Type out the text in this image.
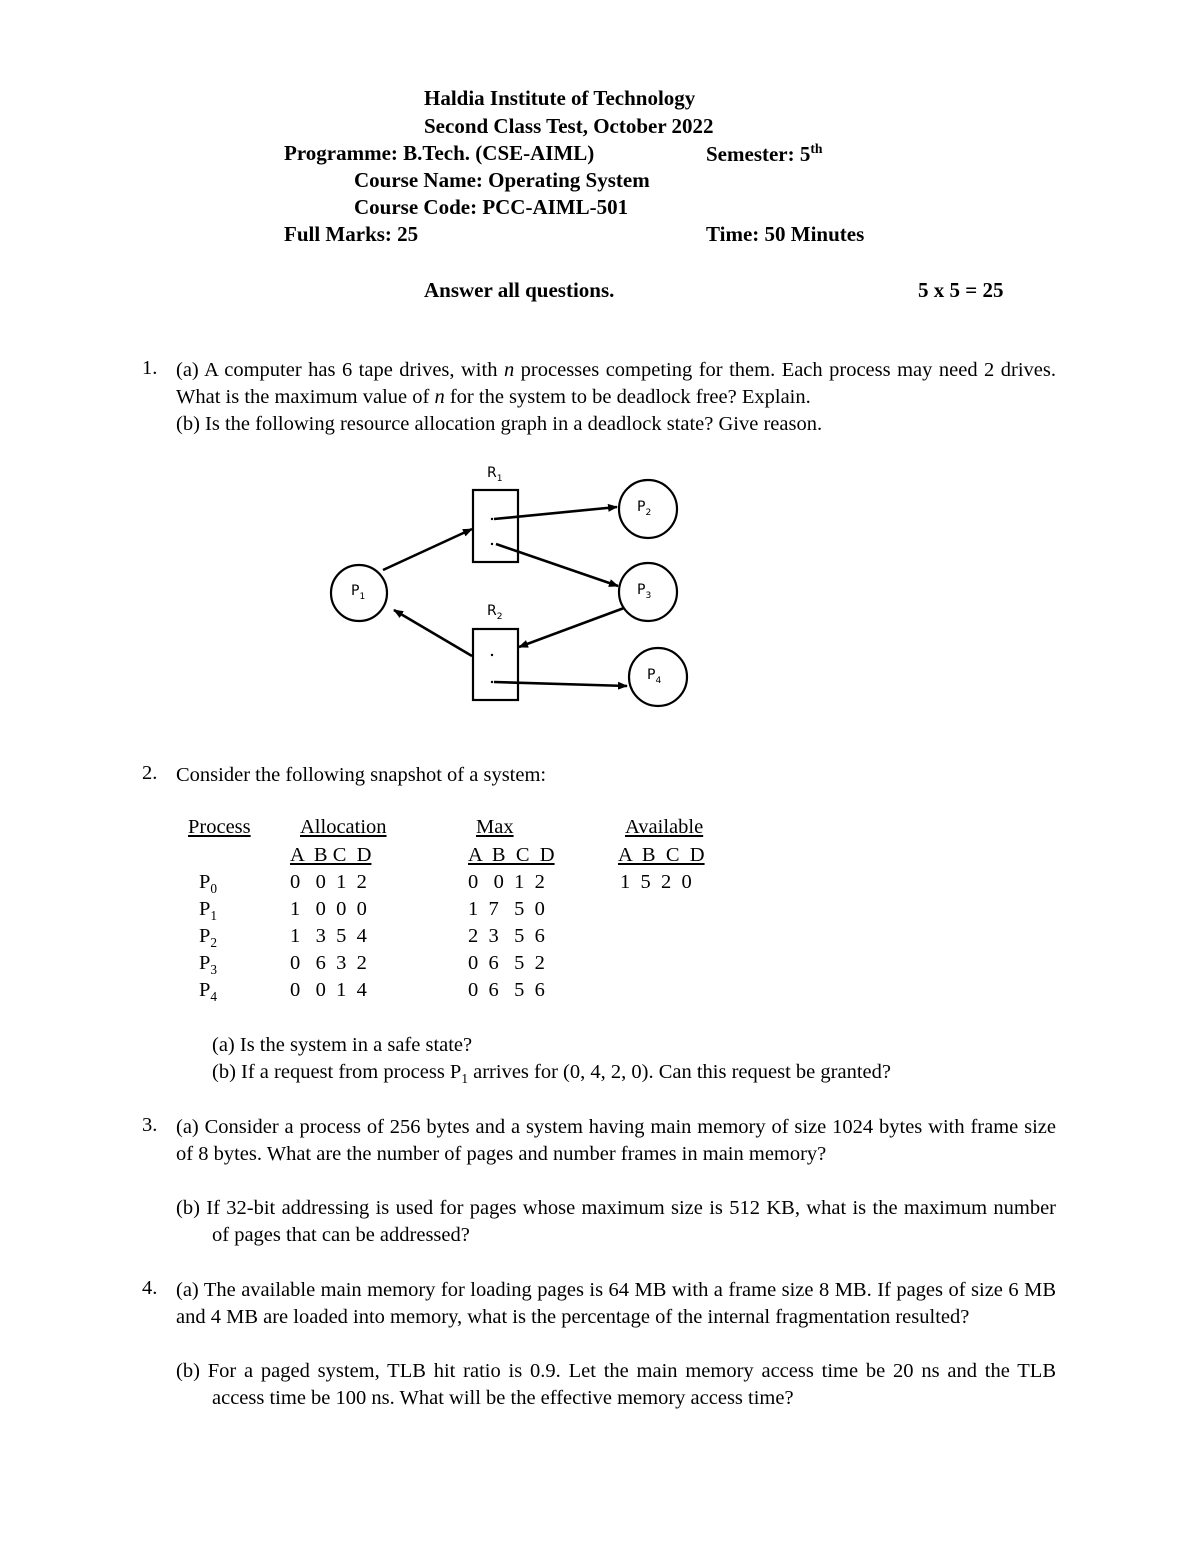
Haldia Institute of Technology
Second Class Test, October 2022
Programme: B.Tech. (CSE-AIML)	Semester: 5th
Course Name: Operating System
Course Code: PCC-AIML-501
Full Marks: 25	Time: 50 Minutes
Answer all questions.	5 x 5 = 25
1. (a) A computer has 6 tape drives, with n processes competing for them. Each process may need 2 drives. What is the maximum value of n for the system to be deadlock free? Explain.
(b) Is the following resource allocation graph in a deadlock state? Give reason.
$R_1$
$R_2$
$P_1$
$P_2$
$P_3$
$P_4$
2. Consider the following snapshot of a system:
Process Allocation	Max	Available
A  B C  D	A  B  C  D	A  B  C  D
$P_0$	0   0  1  2	0   0  1  2	1  5  2  0
$P_1$	1   0  0  0	1  7   5  0
$P_2$	1   3  5  4	2  3   5  6
$P_3$	0   6  3  2	0  6   5  2
$P_4$	0   0  1  4	0  6   5  6
(a) Is the system in a safe state?
(b) If a request from process $P_1$ arrives for (0, 4, 2, 0). Can this request be granted?
3. (a) Consider a process of 256 bytes and a system having main memory of size 1024 bytes with frame size of 8 bytes. What are the number of pages and number frames in main memory?
(b) If 32-bit addressing is used for pages whose maximum size is 512 KB, what is the maximum number of pages that can be addressed?
4. (a) The available main memory for loading pages is 64 MB with a frame size 8 MB. If pages of size 6 MB and 4 MB are loaded into memory, what is the percentage of the internal fragmentation resulted?
(b) For a paged system, TLB hit ratio is 0.9. Let the main memory access time be 20 ns and the TLB access time be 100 ns. What will be the effective memory access time?
